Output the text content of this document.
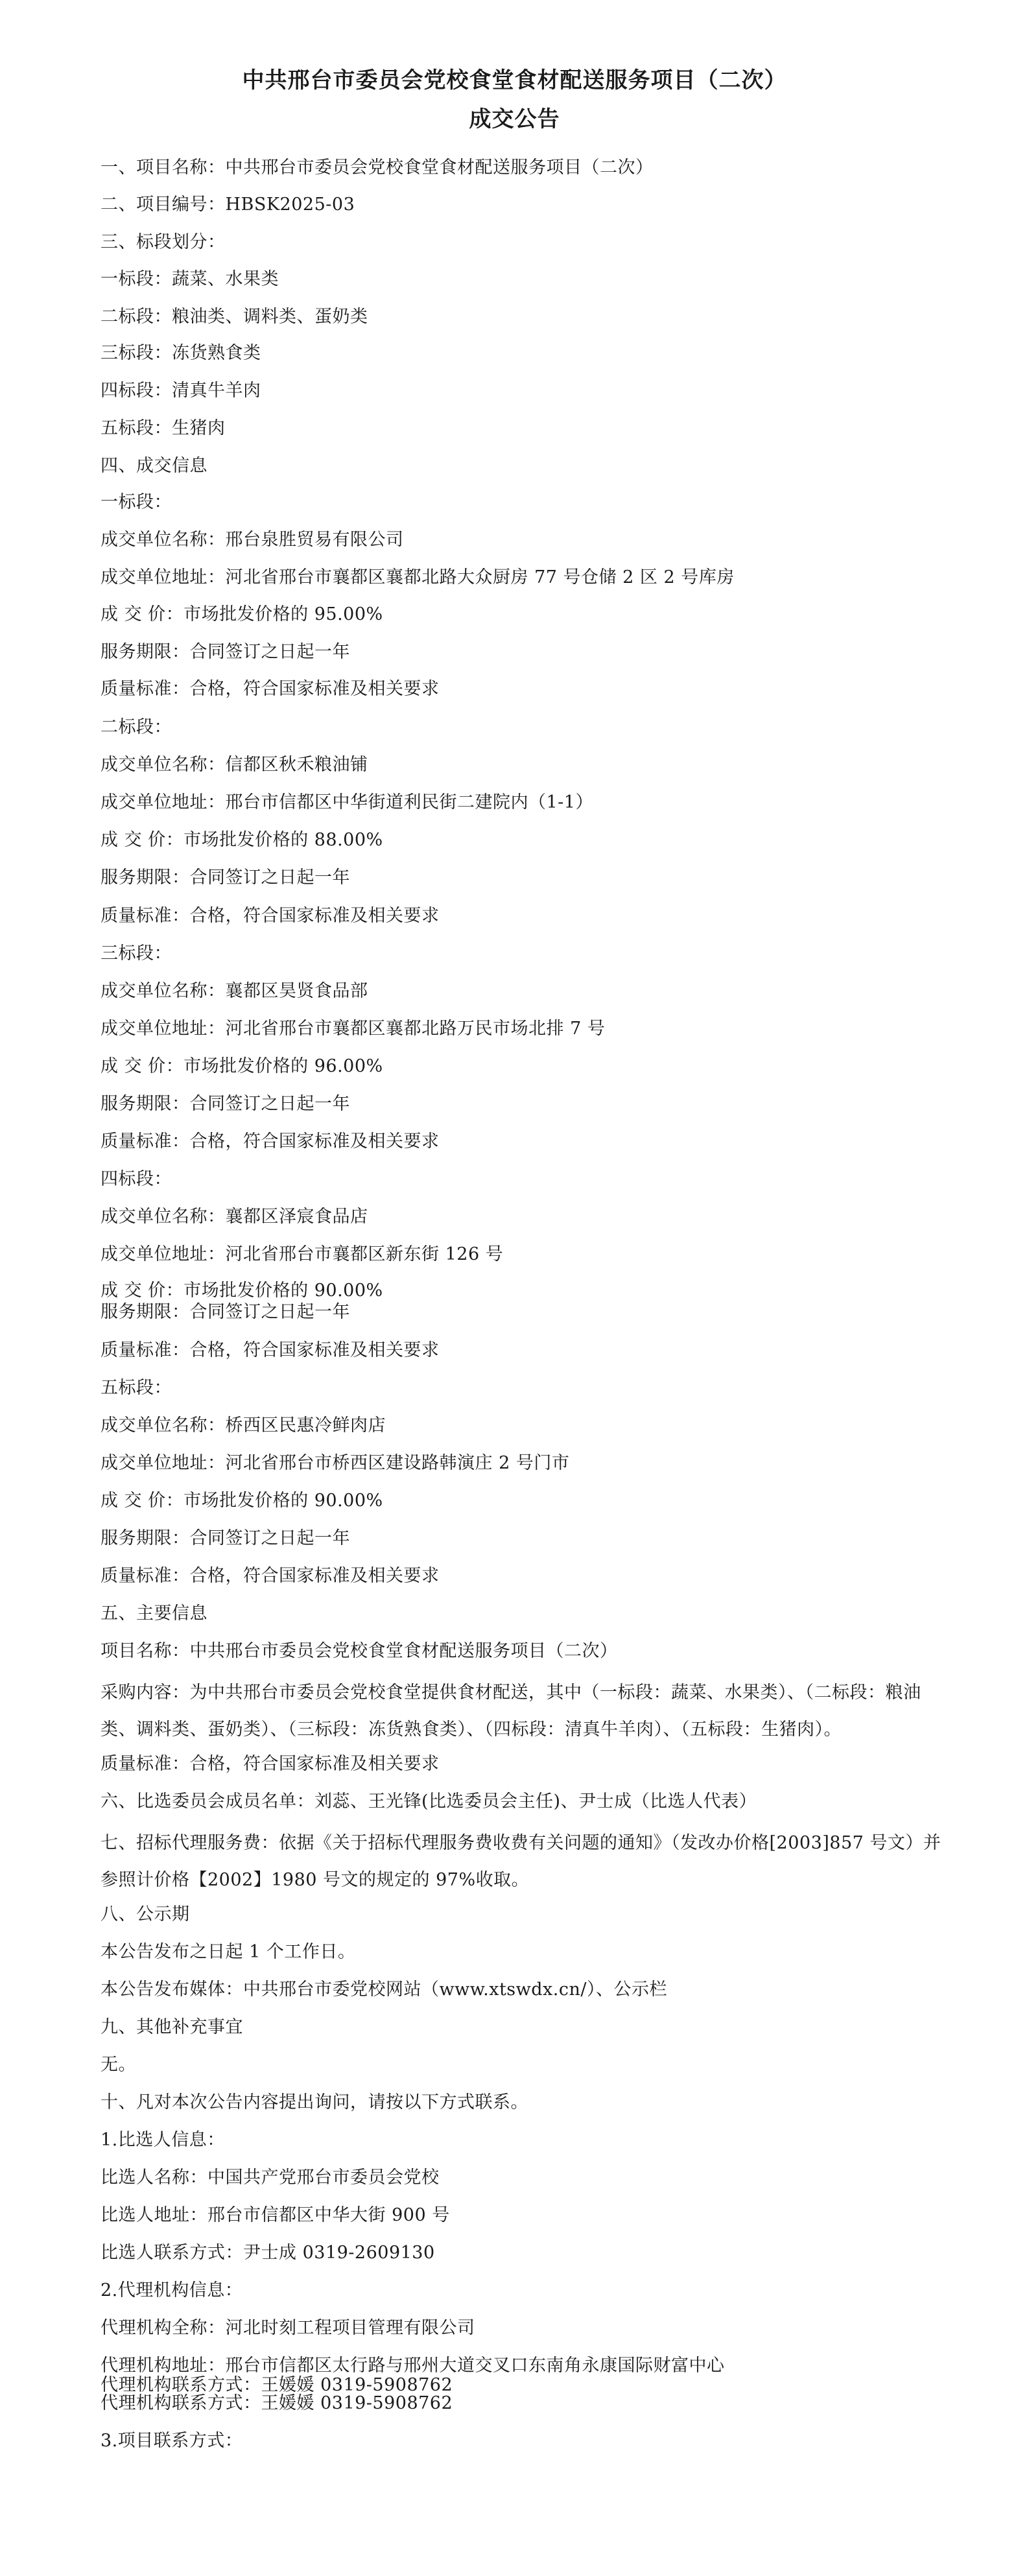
中共邢台市委员会党校食堂食材配送服务项目（二次）
成交公告
一、项目名称：中共邢台市委员会党校食堂食材配送服务项目（二次）
二、项目编号：HBSK2025-03
三、标段划分：
一标段：蔬菜、水果类
二标段：粮油类、调料类、蛋奶类
三标段：冻货熟食类
四标段：清真牛羊肉
五标段：生猪肉
四、成交信息
一标段：
成交单位名称：邢台泉胜贸易有限公司
成交单位地址：河北省邢台市襄都区襄都北路大众厨房 77 号仓储 2 区 2 号库房
成 交 价：市场批发价格的 95.00%
服务期限：合同签订之日起一年
质量标准：合格，符合国家标准及相关要求
二标段：
成交单位名称：信都区秋禾粮油铺
成交单位地址：邢台市信都区中华街道利民街二建院内（1-1）
成 交 价：市场批发价格的 88.00%
服务期限：合同签订之日起一年
质量标准：合格，符合国家标准及相关要求
三标段：
成交单位名称：襄都区昊贤食品部
成交单位地址：河北省邢台市襄都区襄都北路万民市场北排 7 号
成 交 价：市场批发价格的 96.00%
服务期限：合同签订之日起一年
质量标准：合格，符合国家标准及相关要求
四标段：
成交单位名称：襄都区泽宸食品店
成交单位地址：河北省邢台市襄都区新东街 126 号
成 交 价：市场批发价格的 90.00%
服务期限：合同签订之日起一年
质量标准：合格，符合国家标准及相关要求
五标段：
成交单位名称：桥西区民惠冷鲜肉店
成交单位地址：河北省邢台市桥西区建设路韩演庄 2 号门市
成 交 价：市场批发价格的 90.00%
服务期限：合同签订之日起一年
质量标准：合格，符合国家标准及相关要求
五、主要信息
项目名称：中共邢台市委员会党校食堂食材配送服务项目（二次）
采购内容：为中共邢台市委员会党校食堂提供食材配送，其中（一标段：蔬菜、水果类）、（二标段：粮油类、调料类、蛋奶类）、（三标段：冻货熟食类）、（四标段：清真牛羊肉）、（五标段：生猪肉）。
质量标准：合格，符合国家标准及相关要求
六、比选委员会成员名单：刘蕊、王光锋(比选委员会主任)、尹士成（比选人代表）
七、招标代理服务费：依据《关于招标代理服务费收费有关问题的通知》（发改办价格[2003]857 号文）并参照计价格【2002】1980 号文的规定的 97%收取。
八、公示期
本公告发布之日起 1 个工作日。
本公告发布媒体：中共邢台市委党校网站（www.xtswdx.cn/）、公示栏
九、其他补充事宜
无。
十、凡对本次公告内容提出询问，请按以下方式联系。
1.比选人信息：
比选人名称：中国共产党邢台市委员会党校
比选人地址：邢台市信都区中华大街 900 号
比选人联系方式：尹士成 0319-2609130
2.代理机构信息：
代理机构全称：河北时刻工程项目管理有限公司
代理机构地址：邢台市信都区太行路与邢州大道交叉口东南角永康国际财富中心
代理机构联系方式：王媛媛 0319-5908762
3.项目联系方式：
代理机构联系方式：王媛媛 0319-5908762
